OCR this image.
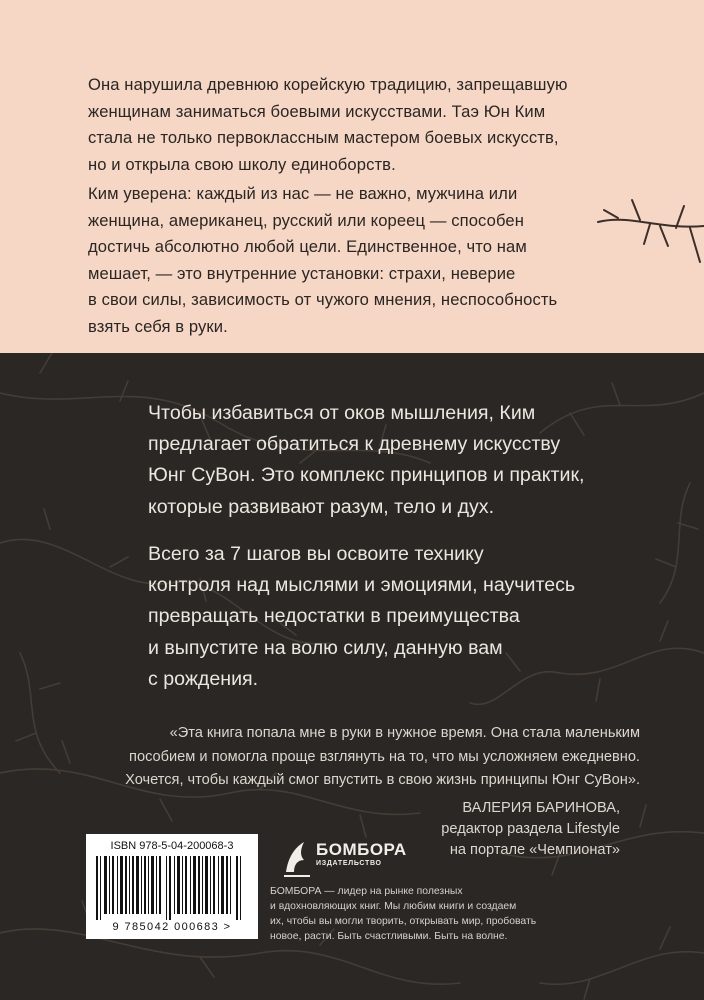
Она нарушила древнюю корейскую традицию, запрещавшую
женщинам заниматься боевыми искусствами. Таэ Юн Ким
стала не только первоклассным мастером боевых искусств,
но и открыла свою школу единоборств.

Ким уверена: каждый из нас — не важно, мужчина или
женщина, американец, русский или кореец — способен
достичь абсолютно любой цели. Единственное, что нам
мешает, — это внутренние установки: страхи, неверие
в свои силы, зависимость от чужого мнения, неспособность
взять себя в руки.

Чтобы избавиться от оков мышления, Ким
предлагает обратиться к древнему искусству
Юнг СуВон. Это комплекс принципов и практик,
которые развивают разум, тело и дух.

Всего за 7 шагов вы освоите технику
контроля над мыслями и эмоциями, научитесь
превращать недостатки в преимущества
и выпустите на волю силу, данную вам
с рождения.

«Эта книга попала мне в руки в нужное время. Она стала маленьким
пособием и помогла проще взглянуть на то, что мы усложняем ежедневно.
Хочется, чтобы каждый смог впустить в свою жизнь принципы Юнг СуВон».

ВАЛЕРИЯ БАРИНОВА,

редактор раздела Lifestyle
на портале «Чемпионат»

ISBN 978-5-04-200068-3
9 785042 000683 >
БОМБОРА
ИЗДАТЕЛЬСТВО

БОМБОРА — лидер на рынке полезных
и вдохновляющих книг. Мы любим книги и создаем
их, чтобы вы могли творить, открывать мир, пробовать
новое, расти. Быть счастливыми. Быть на волне.
